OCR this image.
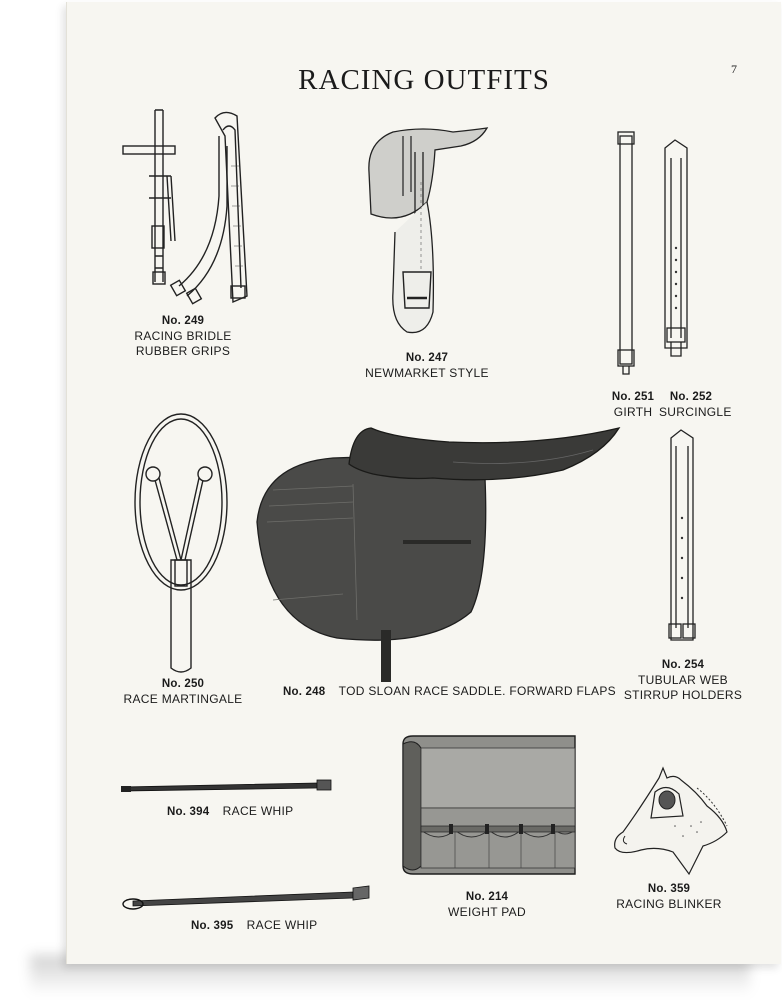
RACING OUTFITS	7
No. 249
RACING BRIDLE
RUBBER GRIPS	No. 247
NEWMARKET STYLE
No. 251
GIRTH
No. 252
SURCINGLE
No. 250
RACE MARTINGALE	No. 248 TOD SLOAN RACE SADDLE. FORWARD FLAPS
No. 254
TUBULAR WEB
STIRRUP HOLDERS
No. 394 RACE WHIP
No. 395 RACE WHIP
No. 214
WEIGHT PAD
No. 359
RACING BLINKER
